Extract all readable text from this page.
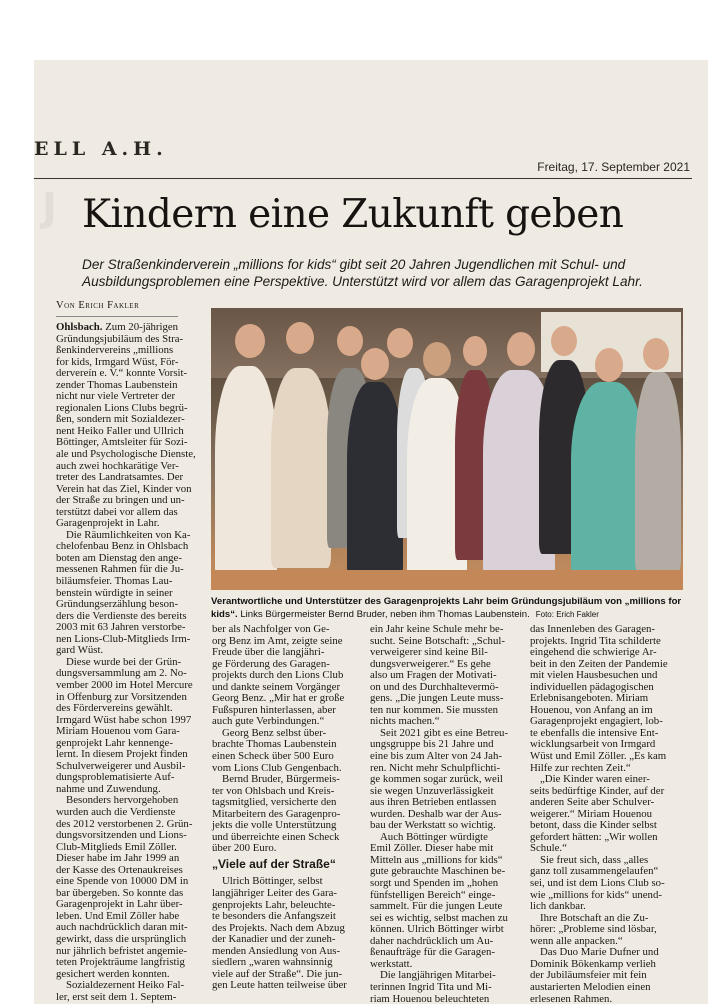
J
ELL A.H.
Freitag, 17. September 2021
Kindern eine Zukunft geben
Der Straßenkinderverein „millions for kids“ gibt seit 20 Jahren Jugendlichen mit Schul- und Ausbildungsproblemen eine Perspektive. Unterstützt wird vor allem das Garagenprojekt Lahr.
Von Erich Fakler
Verantwortliche und Unterstützer des Garagenprojekts Lahr beim Gründungsjubiläum von „millions for kids“. Links Bürgermeister Bernd Bruder, neben ihm Thomas Laubenstein. Foto: Erich Fakler

Ohlsbach. Zum 20-jährigen
Gründungsjubiläum des Stra-
ßenkindervereins „millions
for kids, Irmgard Wüst, För-
dervereín e. V.“ konnte Vorsit-
zender Thomas Laubenstein
nicht nur viele Vertreter der
regionalen Lions Clubs begrü-
ßen, sondern mit Sozialdezer-
nent Heiko Faller und Ullrich
Böttinger, Amtsleiter für Sozi-
ale und Psychologische Dienste,
auch zwei hochkarätige Ver-
treter des Landratsamtes. Der
Verein hat das Ziel, Kinder von
der Straße zu bringen und un-
terstützt dabei vor allem das
Garagenprojekt in Lahr.

Die Räumlichkeiten von Ka-
chelofenbau Benz in Ohlsbach
boten am Dienstag den ange-
messenen Rahmen für die Ju-
biläumsfeier. Thomas Lau-
benstein würdigte in seiner
Gründungserzählung beson-
ders die Verdienste des bereits
2003 mit 63 Jahren verstorbe-
nen Lions-Club-Mitglieds Irm-
gard Wüst.

Diese wurde bei der Grün-
dungsversammlung am 2. No-
vember 2000 im Hotel Mercure
in Offenburg zur Vorsitzenden
des Fördervereins gewählt.
Irmgard Wüst habe schon 1997
Miriam Houenou vom Gara-
genprojekt Lahr kennenge-
lernt. In diesem Projekt finden
Schulverweigerer und Ausbil-
dungsproblematisierte Auf-
nahme und Zuwendung.

Besonders hervorgehoben
wurden auch die Verdienste
des 2012 verstorbenen 2. Grün-
dungsvorsitzenden und Lions-
Club-Mitglieds Emil Zöller.
Dieser habe im Jahr 1999 an
der Kasse des Ortenaukreises
eine Spende von 10000 DM in
bar übergeben. So konnte das
Garagenprojekt in Lahr über-
leben. Und Emil Zöller habe
auch nachdrücklich daran mit-
gewirkt, dass die ursprünglich
nur jährlich befristet angemie-
teten Projekträume langfristig
gesichert werden konnten.

Sozialdezernent Heiko Fal-
ler, erst seit dem 1. Septem-

ber als Nachfolger von Ge-
org Benz im Amt, zeigte seine
Freude über die langjähri-
ge Förderung des Garagen-
projekts durch den Lions Club
und dankte seinem Vorgänger
Georg Benz. „Mir hat er große
Fußspuren hinterlassen, aber
auch gute Verbindungen.“

Georg Benz selbst über-
brachte Thomas Laubenstein
einen Scheck über 500 Euro
vom Lions Club Gengenbach.

Bernd Bruder, Bürgermeis-
ter von Ohlsbach und Kreis-
tagsmitglied, versicherte den
Mitarbeitern des Garagenpro-
jekts die volle Unterstützung
und überreichte einen Scheck
über 200 Euro.

„Viele auf der Straße“

Ulrich Böttinger, selbst
langjähriger Leiter des Gara-
genprojekts Lahr, beleuchte-
te besonders die Anfangszeit
des Projekts. Nach dem Abzug
der Kanadier und der zuneh-
menden Ansiedlung von Aus-
siedlern „waren wahnsinnig
viele auf der Straße“. Die jun-
gen Leute hatten teilweise über

ein Jahr keine Schule mehr be-
sucht. Seine Botschaft: „Schul-
verweigerer sind keine Bil-
dungsverweigerer.“ Es gehe
also um Fragen der Motivati-
on und des Durchhaltevermö-
gens. „Die jungen Leute muss-
ten nur kommen. Sie mussten
nichts machen.“

Seit 2021 gibt es eine Betreu-
ungsgruppe bis 21 Jahre und
eine bis zum Alter von 24 Jah-
ren. Nicht mehr Schulpflichti-
ge kommen sogar zurück, weil
sie wegen Unzuverlässigkeit
aus ihren Betrieben entlassen
wurden. Deshalb war der Aus-
bau der Werkstatt so wichtig.

Auch Böttinger würdigte
Emil Zöller. Dieser habe mit
Mitteln aus „millions for kids“
gute gebrauchte Maschinen be-
sorgt und Spenden im „hohen
fünfstelligen Bereich“ einge-
sammelt. Für die jungen Leute
sei es wichtig, selbst machen zu
können. Ulrich Böttinger wirbt
daher nachdrücklich um Au-
ßenaufträge für die Garagen-
werkstatt.

Die langjährigen Mitarbei-
terinnen Ingrid Tita und Mi-
riam Houenou beleuchteten

das Innenleben des Garagen-
projekts. Ingrid Tita schilderte
eingehend die schwierige Ar-
beit in den Zeiten der Pandemie
mit vielen Hausbesuchen und
individuellen pädagogischen
Erlebnisangeboten. Miriam
Houenou, von Anfang an im
Garagenprojekt engagiert, lob-
te ebenfalls die intensive Ent-
wicklungsarbeit von Irmgard
Wüst und Emil Zöller. „Es kam
Hilfe zur rechten Zeit.“

„Die Kinder waren einer-
seits bedürftige Kinder, auf der
anderen Seite aber Schulver-
weigerer.“ Miriam Houenou
betont, dass die Kinder selbst
gefordert hätten: „Wir wollen
Schule.“

Sie freut sich, dass „alles
ganz toll zusammengelaufen“
sei, und ist dem Lions Club so-
wie „millions for kids“ unend-
lich dankbar.

Ihre Botschaft an die Zu-
hörer: „Probleme sind lösbar,
wenn alle anpacken.“

Das Duo Marie Dufner und
Dominik Bökenkamp verlieh
der Jubiläumsfeier mit fein
austarierten Melodien einen
erlesenen Rahmen.
